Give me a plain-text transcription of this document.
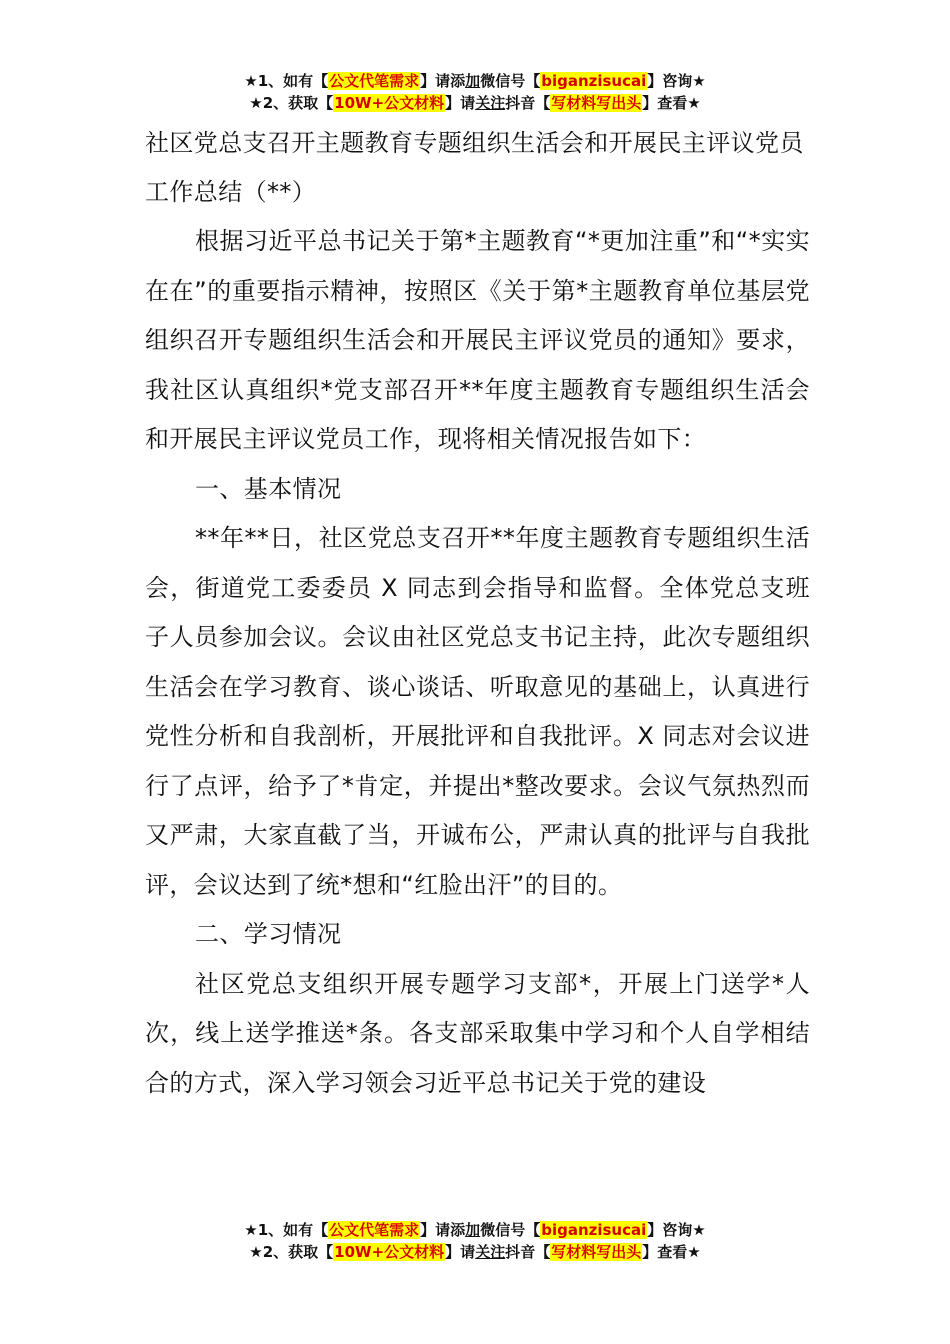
★1、如有【公文代笔需求】请添加微信号【biganzisucai】咨询★
★2、获取【10W+公文材料】请关注抖音【写材料写出头】查看★
社区党总支召开主题教育专题组织生活会和开展民主评议党员工作总结（**）

根据习近平总书记关于第*主题教育“*更加注重”和“*实实在在”的重要指示精神，按照区《关于第*主题教育单位基层党组织召开专题组织生活会和开展民主评议党员的通知》要求，我社区认真组织*党支部召开**年度主题教育专题组织生活会和开展民主评议党员工作，现将相关情况报告如下：

一、基本情况

**年**日，社区党总支召开**年度主题教育专题组织生活会，街道党工委委员 X 同志到会指导和监督。全体党总支班子人员参加会议。会议由社区党总支书记主持，此次专题组织生活会在学习教育、谈心谈话、听取意见的基础上，认真进行党性分析和自我剖析，开展批评和自我批评。X 同志对会议进行了点评，给予了*肯定，并提出*整改要求。会议气氛热烈而又严肃，大家直截了当，开诚布公，严肃认真的批评与自我批评，会议达到了统*想和“红脸出汗”的目的。

二、学习情况

社区党总支组织开展专题学习支部*，开展上门送学*人次，线上送学推送*条。各支部采取集中学习和个人自学相结合的方式，深入学习领会习近平总书记关于党的建设

★1、如有【公文代笔需求】请添加微信号【biganzisucai】咨询★
★2、获取【10W+公文材料】请关注抖音【写材料写出头】查看★
